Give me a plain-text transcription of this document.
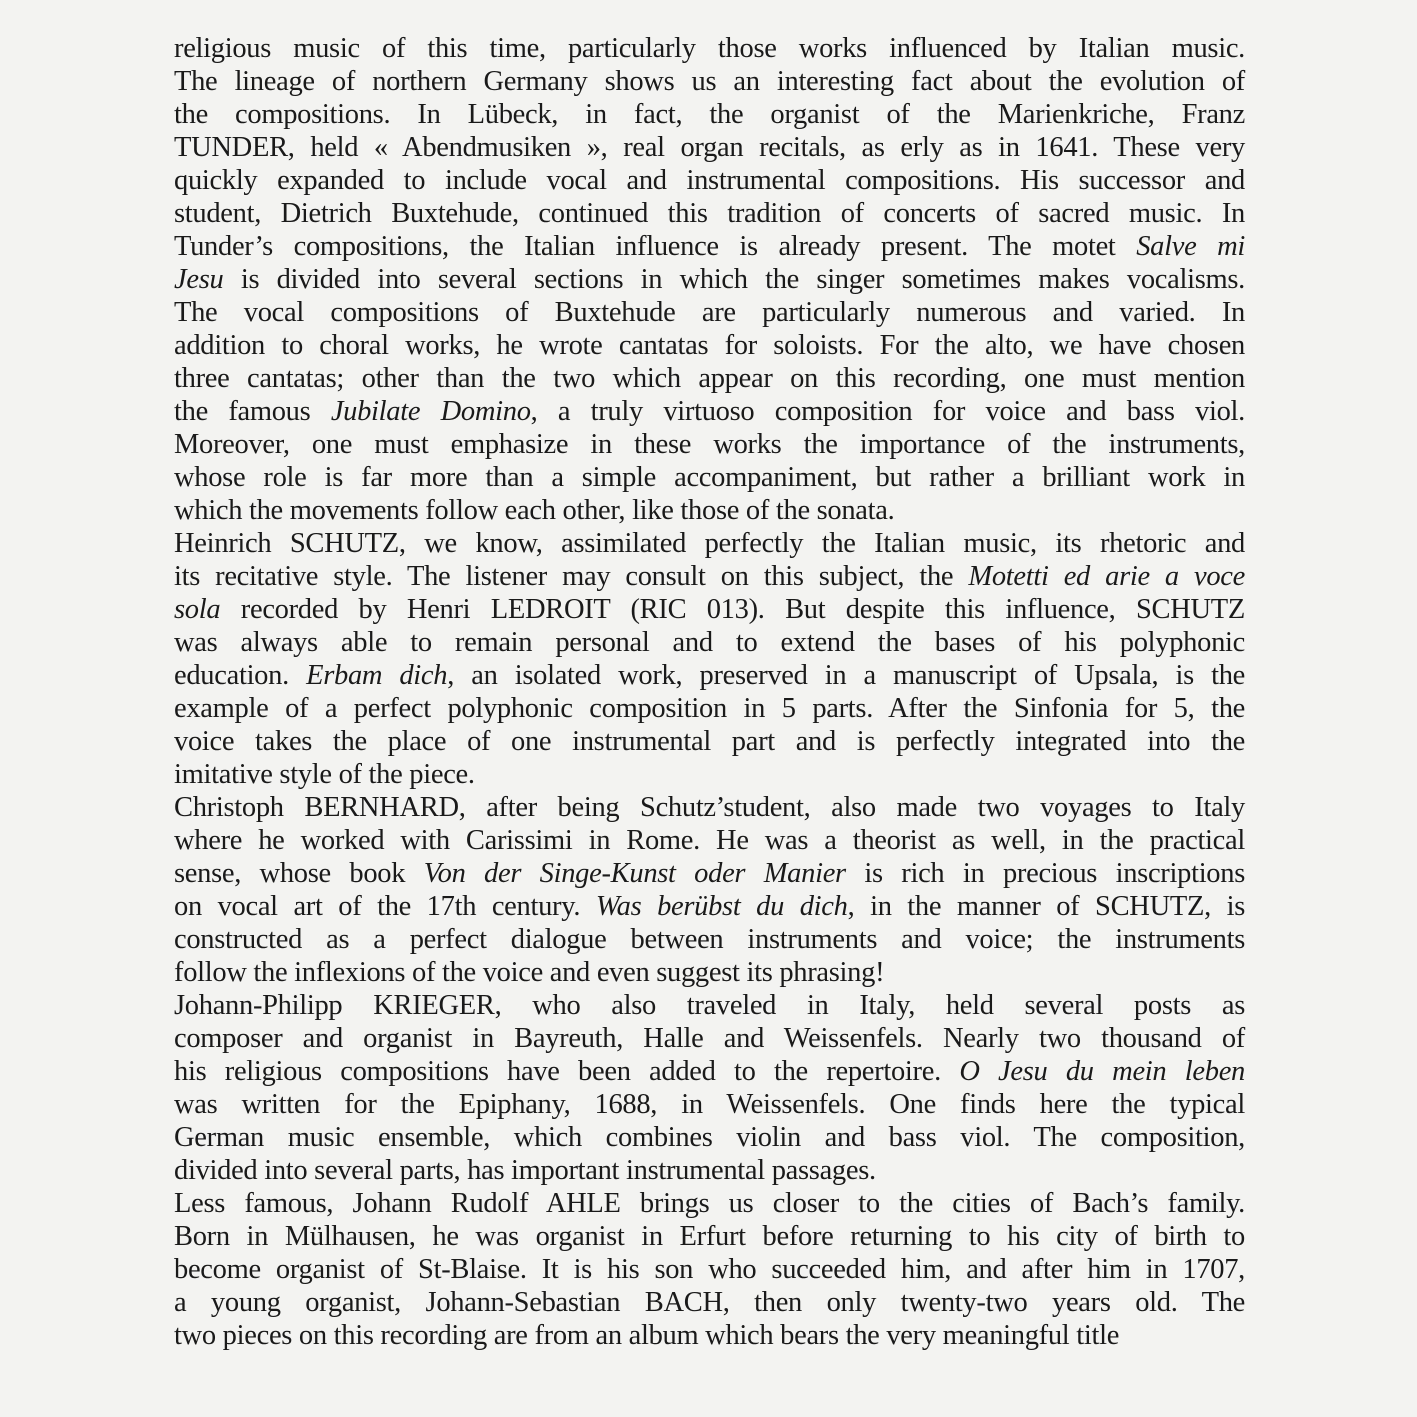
religious music of this time, particularly those works influenced by Italian music.
The lineage of northern Germany shows us an interesting fact about the evolution of
the compositions. In Lübeck, in fact, the organist of the Marienkriche, Franz
TUNDER, held « Abendmusiken », real organ recitals, as erly as in 1641. These very
quickly expanded to include vocal and instrumental compositions. His successor and
student, Dietrich Buxtehude, continued this tradition of concerts of sacred music. In
Tunder’s compositions, the Italian influence is already present. The motet Salve mi
Jesu is divided into several sections in which the singer sometimes makes vocalisms.
The vocal compositions of Buxtehude are particularly numerous and varied. In
addition to choral works, he wrote cantatas for soloists. For the alto, we have chosen
three cantatas; other than the two which appear on this recording, one must mention
the famous Jubilate Domino, a truly virtuoso composition for voice and bass viol.
Moreover, one must emphasize in these works the importance of the instruments,
whose role is far more than a simple accompaniment, but rather a brilliant work in
which the movements follow each other, like those of the sonata.
Heinrich SCHUTZ, we know, assimilated perfectly the Italian music, its rhetoric and
its recitative style. The listener may consult on this subject, the Motetti ed arie a voce
sola recorded by Henri LEDROIT (RIC 013). But despite this influence, SCHUTZ
was always able to remain personal and to extend the bases of his polyphonic
education. Erbam dich, an isolated work, preserved in a manuscript of Upsala, is the
example of a perfect polyphonic composition in 5 parts. After the Sinfonia for 5, the
voice takes the place of one instrumental part and is perfectly integrated into the
imitative style of the piece.
Christoph BERNHARD, after being Schutz’student, also made two voyages to Italy
where he worked with Carissimi in Rome. He was a theorist as well, in the practical
sense, whose book Von der Singe-Kunst oder Manier is rich in precious inscriptions
on vocal art of the 17th century. Was berübst du dich, in the manner of SCHUTZ, is
constructed as a perfect dialogue between instruments and voice; the instruments
follow the inflexions of the voice and even suggest its phrasing!
Johann-Philipp KRIEGER, who also traveled in Italy, held several posts as
composer and organist in Bayreuth, Halle and Weissenfels. Nearly two thousand of
his religious compositions have been added to the repertoire. O Jesu du mein leben
was written for the Epiphany, 1688, in Weissenfels. One finds here the typical
German music ensemble, which combines violin and bass viol. The composition,
divided into several parts, has important instrumental passages.
Less famous, Johann Rudolf AHLE brings us closer to the cities of Bach’s family.
Born in Mülhausen, he was organist in Erfurt before returning to his city of birth to
become organist of St-Blaise. It is his son who succeeded him, and after him in 1707,
a young organist, Johann-Sebastian BACH, then only twenty-two years old. The
two pieces on this recording are from an album which bears the very meaningful title
